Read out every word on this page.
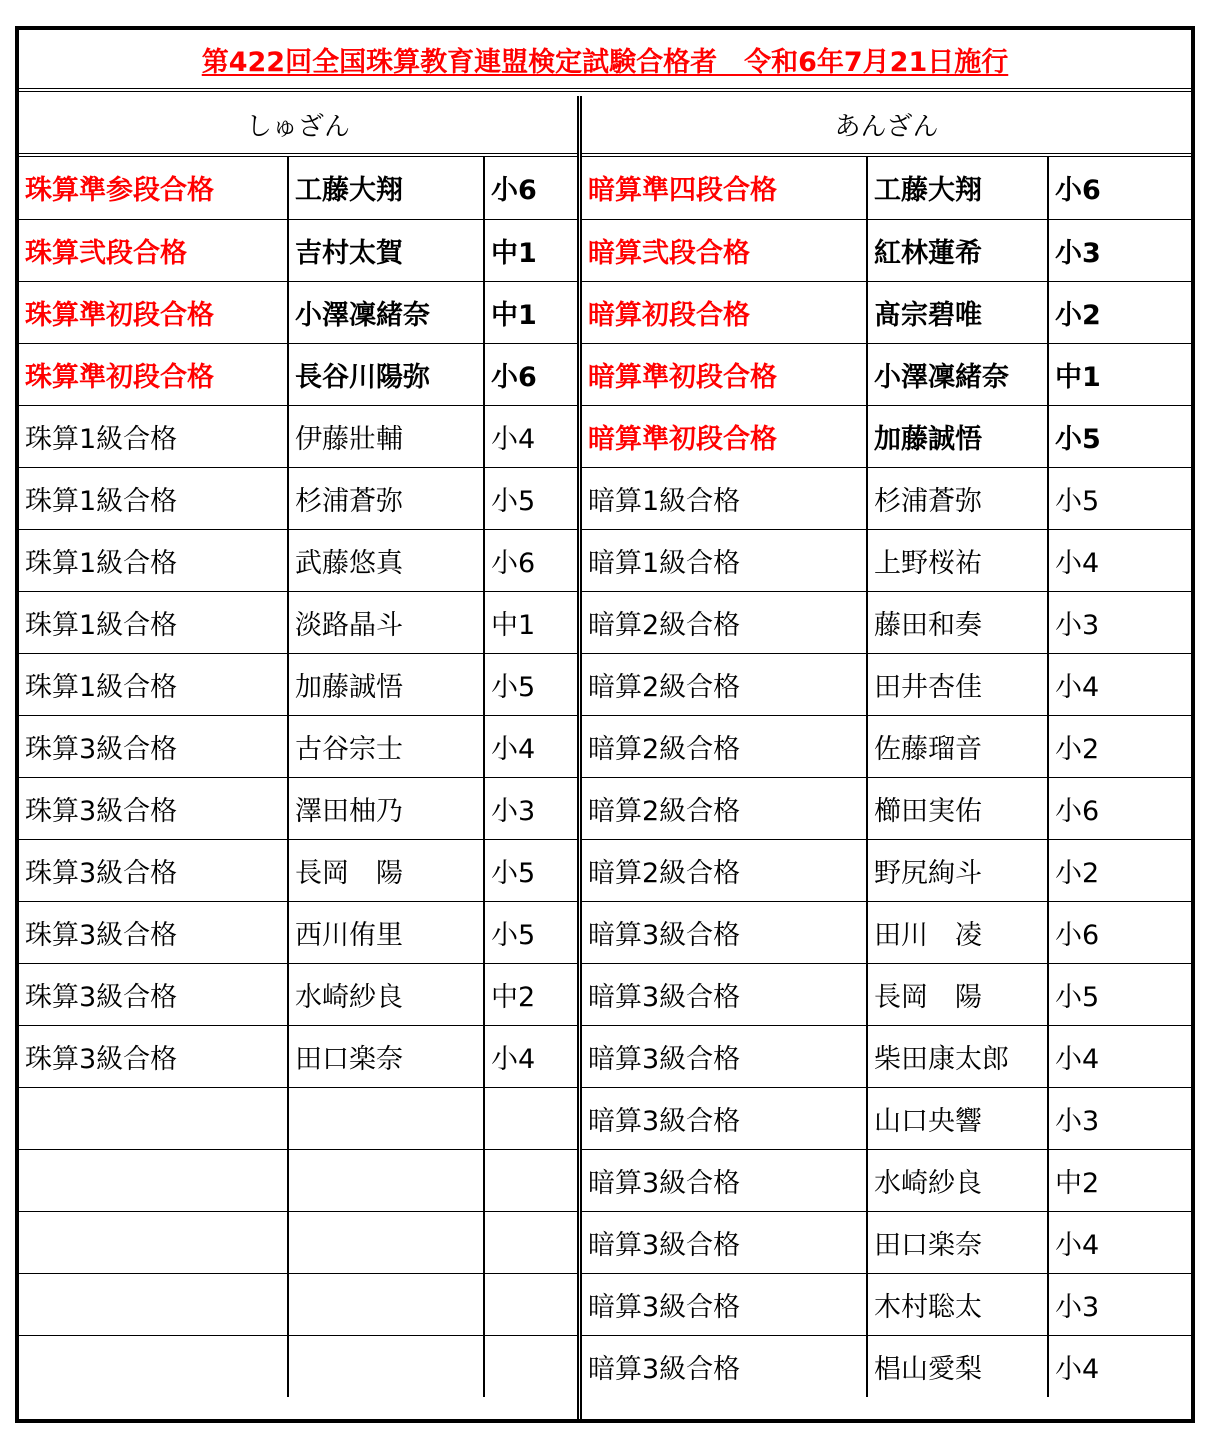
第422回全国珠算教育連盟検定試験合格者　令和6年7月21日施行
しゅざん
珠算準参段合格	工藤大翔	小6
珠算弐段合格	吉村太賀	中1
珠算準初段合格	小澤凜緒奈	中1
珠算準初段合格	長谷川陽弥	小6
珠算1級合格	伊藤壯輔	小4
珠算1級合格	杉浦蒼弥	小5
珠算1級合格	武藤悠真	小6
珠算1級合格	淡路晶斗	中1
珠算1級合格	加藤誠悟	小5
珠算3級合格	古谷宗士	小4
珠算3級合格	澤田柚乃	小3
珠算3級合格	長岡　陽	小5
珠算3級合格	西川侑里	小5
珠算3級合格	水崎紗良	中2
珠算3級合格	田口楽奈	小4

あんざん
暗算準四段合格	工藤大翔	小6
暗算弐段合格	紅林蓮希	小3
暗算初段合格	髙宗碧唯	小2
暗算準初段合格	小澤凜緒奈	中1
暗算準初段合格	加藤誠悟	小5
暗算1級合格	杉浦蒼弥	小5
暗算1級合格	上野桜祐	小4
暗算2級合格	藤田和奏	小3
暗算2級合格	田井杏佳	小4
暗算2級合格	佐藤瑠音	小2
暗算2級合格	櫛田実佑	小6
暗算2級合格	野尻絢斗	小2
暗算3級合格	田川　凌	小6
暗算3級合格	長岡　陽	小5
暗算3級合格	柴田康太郎	小4
暗算3級合格	山口央響	小3
暗算3級合格	水崎紗良	中2
暗算3級合格	田口楽奈	小4
暗算3級合格	木村聡太	小3
暗算3級合格	椙山愛梨	小4
